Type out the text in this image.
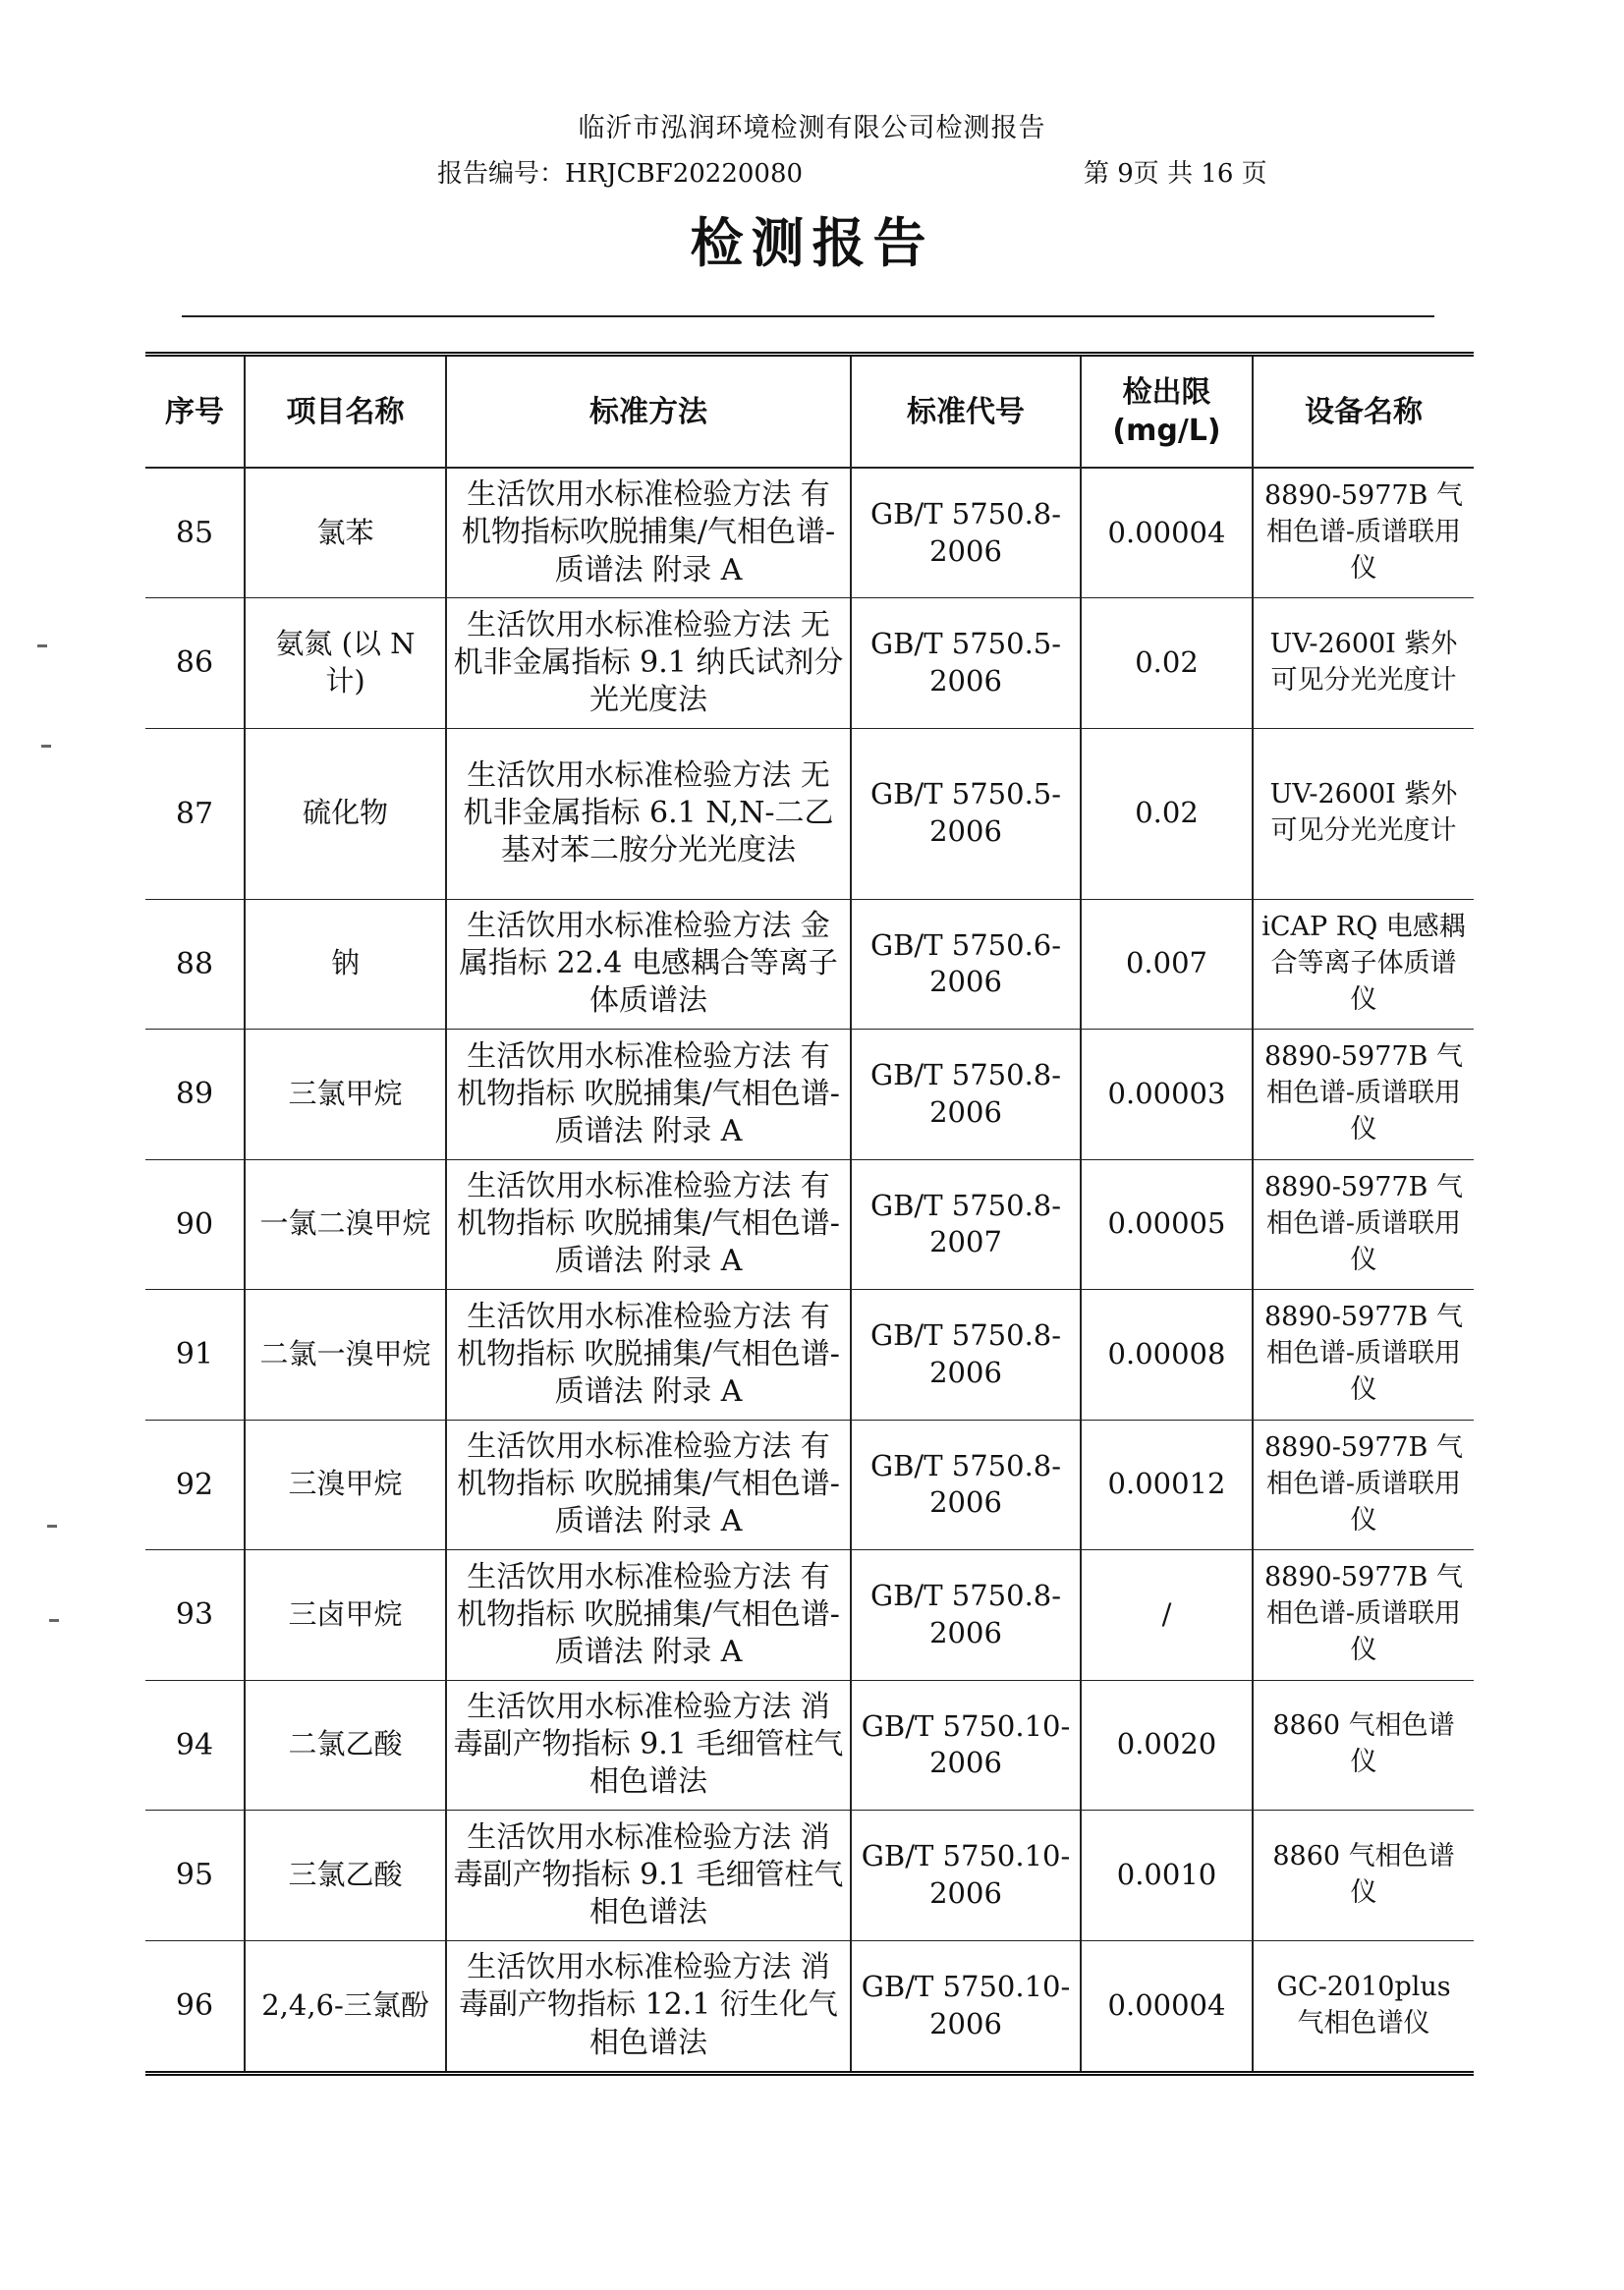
临沂市泓润环境检测有限公司检测报告
报告编号：HRJCBF20220080	第 9页 共 16 页
检测报告
序号	项目名称	标准方法	标准代号	检出限 (mg/L)	设备名称
85	氯苯	生活饮用水标准检验方法 有机物指标吹脱捕集/气相色谱-质谱法 附录 A	GB/T 5750.8-2006	0.00004	8890-5977B 气相色谱-质谱联用仪
86	氨氮 (以 N 计)	生活饮用水标准检验方法 无机非金属指标 9.1 纳氏试剂分光光度法	GB/T 5750.5-2006	0.02	UV-2600I 紫外可见分光光度计
87	硫化物	生活饮用水标准检验方法 无机非金属指标 6.1 N,N-二乙基对苯二胺分光光度法	GB/T 5750.5-2006	0.02	UV-2600I 紫外可见分光光度计
88	钠	生活饮用水标准检验方法 金属指标 22.4 电感耦合等离子体质谱法	GB/T 5750.6-2006	0.007	iCAP RQ 电感耦合等离子体质谱仪
89	三氯甲烷	生活饮用水标准检验方法 有机物指标 吹脱捕集/气相色谱-质谱法 附录 A	GB/T 5750.8-2006	0.00003	8890-5977B 气相色谱-质谱联用仪
90	一氯二溴甲烷	生活饮用水标准检验方法 有机物指标 吹脱捕集/气相色谱-质谱法 附录 A	GB/T 5750.8-2007	0.00005	8890-5977B 气相色谱-质谱联用仪
91	二氯一溴甲烷	生活饮用水标准检验方法 有机物指标 吹脱捕集/气相色谱-质谱法 附录 A	GB/T 5750.8-2006	0.00008	8890-5977B 气相色谱-质谱联用仪
92	三溴甲烷	生活饮用水标准检验方法 有机物指标 吹脱捕集/气相色谱-质谱法 附录 A	GB/T 5750.8-2006	0.00012	8890-5977B 气相色谱-质谱联用仪
93	三卤甲烷	生活饮用水标准检验方法 有机物指标 吹脱捕集/气相色谱-质谱法 附录 A	GB/T 5750.8-2006	/	8890-5977B 气相色谱-质谱联用仪
94	二氯乙酸	生活饮用水标准检验方法 消毒副产物指标 9.1 毛细管柱气相色谱法	GB/T 5750.10-2006	0.0020	8860 气相色谱仪
95	三氯乙酸	生活饮用水标准检验方法 消毒副产物指标 9.1 毛细管柱气相色谱法	GB/T 5750.10-2006	0.0010	8860 气相色谱仪
96	2,4,6-三氯酚	生活饮用水标准检验方法 消毒副产物指标 12.1 衍生化气相色谱法	GB/T 5750.10-2006	0.00004	GC-2010plus 气相色谱仪
